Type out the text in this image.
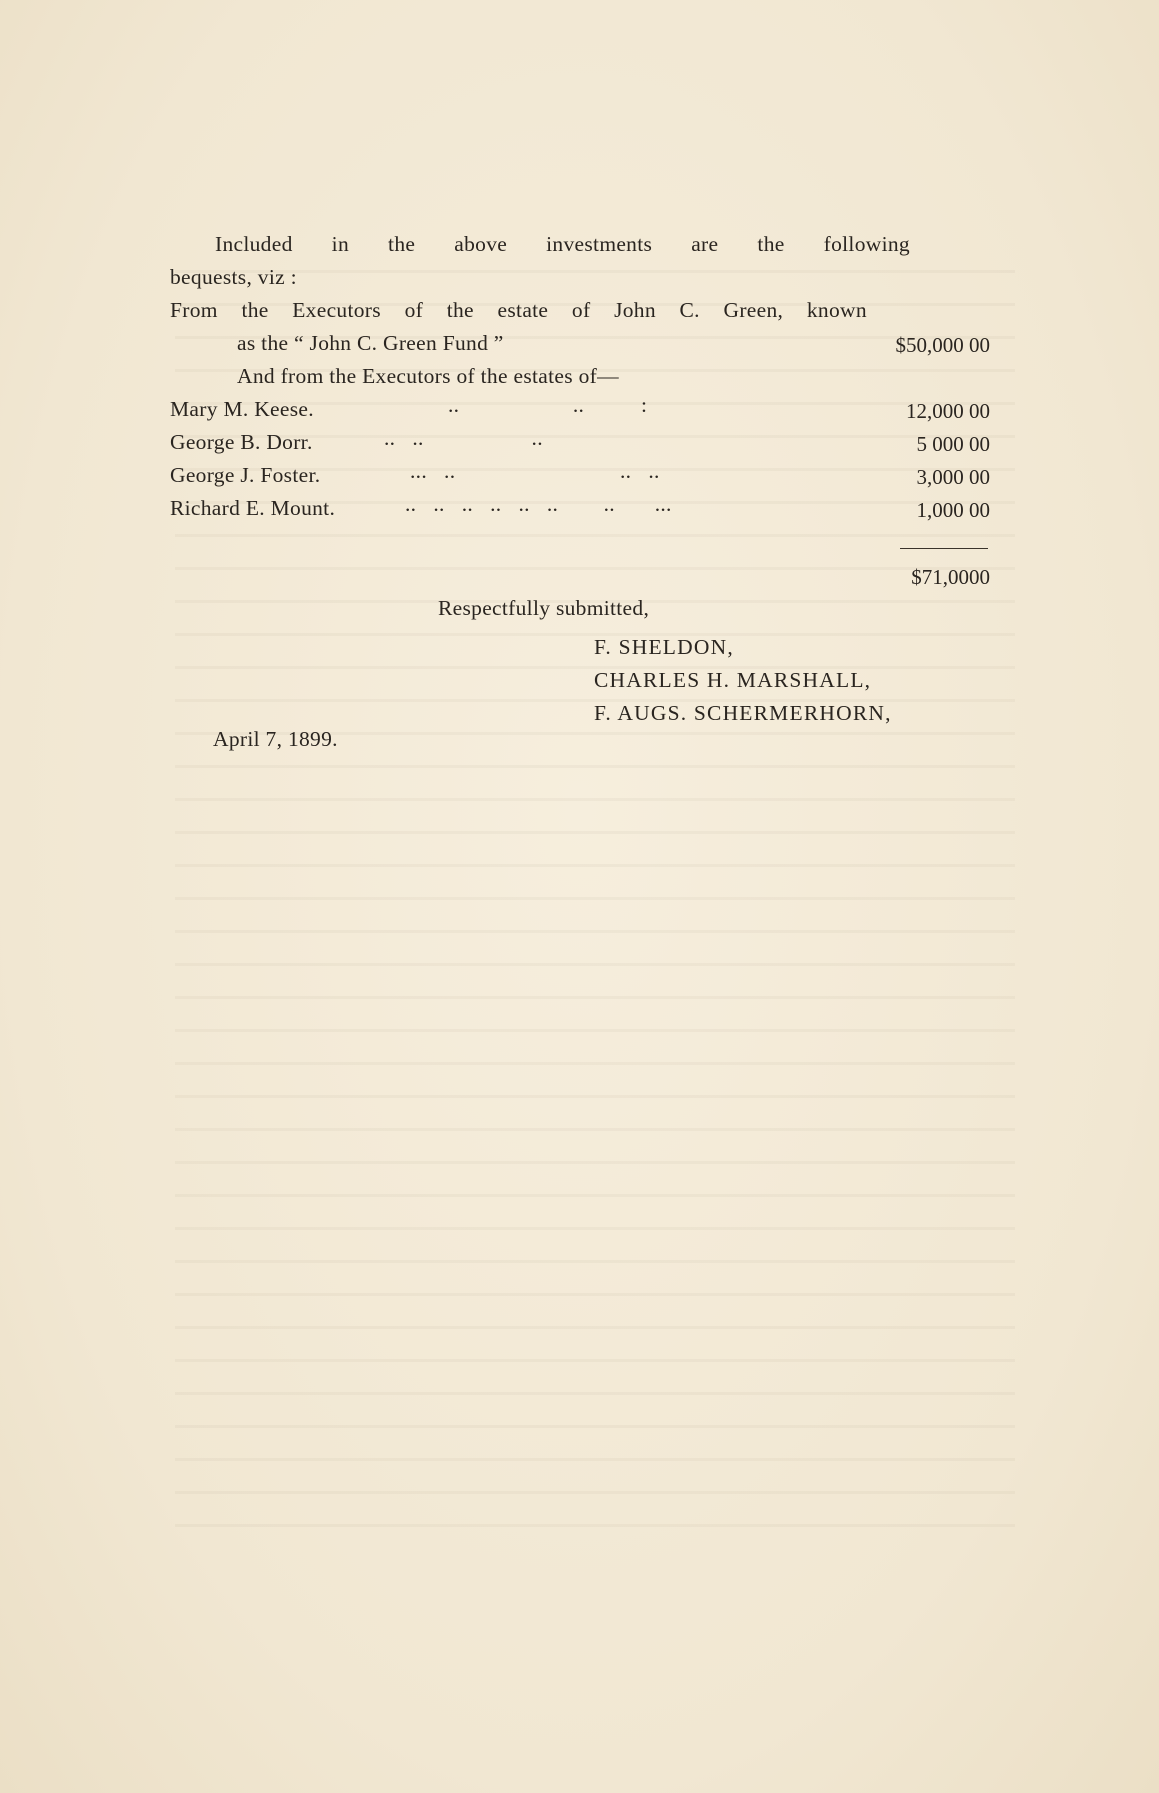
Included in the above investments are the following
bequests, viz :
From the Executors of the estate of John C. Green, known
as the “ John C. Green Fund ”	$50,000 00
And from the Executors of the estates of—
Mary M. Keese.	..                    ..          :	12,000 00
George B. Dorr.	..   ..                   ..	5 000 00
George J. Foster.	...   ..                             ..   ..	3,000 00
Richard E. Mount.	..   ..   ..   ..   ..   ..        ..       ...	1,000 00
$71,0000
Respectfully submitted,
F. SHELDON,
CHARLES H. MARSHALL,
F. AUGS. SCHERMERHORN,
April 7, 1899.
